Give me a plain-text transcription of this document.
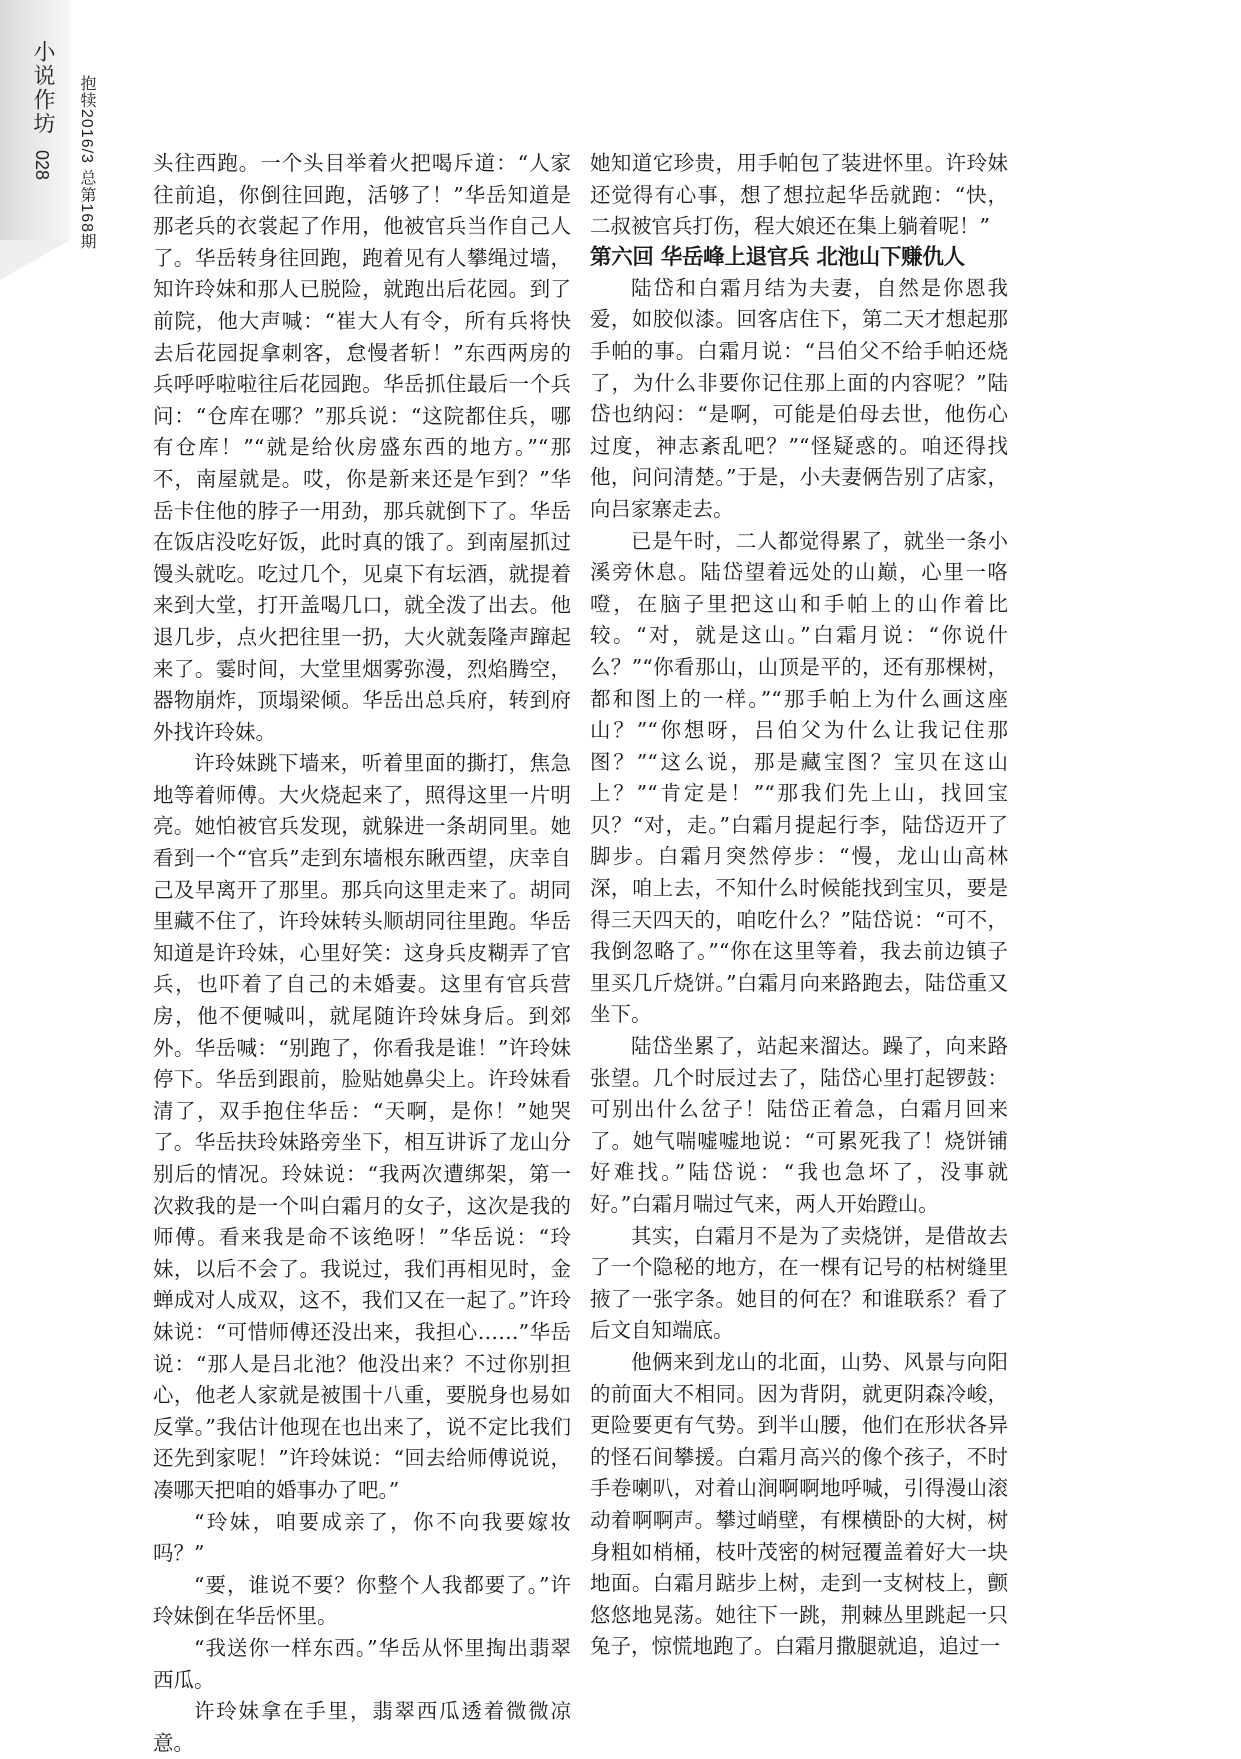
小说作坊
028 抱犊2016/3 总第168期	头往西跑。一个头目举着火把喝斥道：“人家往前追，你倒往回跑，活够了！”华岳知道是那老兵的衣裳起了作用，他被官兵当作自己人了。华岳转身往回跑，跑着见有人攀绳过墙，知许玲妹和那人已脱险，就跑出后花园。到了前院，他大声喊：“崔大人有令，所有兵将快去后花园捉拿刺客，怠慢者斩！”东西两房的兵呼呼啦啦往后花园跑。华岳抓住最后一个兵问：“仓库在哪？”那兵说：“这院都住兵，哪有仓库！”“就是给伙房盛东西的地方。”“那不，南屋就是。哎，你是新来还是乍到？”华岳卡住他的脖子一用劲，那兵就倒下了。华岳在饭店没吃好饭，此时真的饿了。到南屋抓过馒头就吃。吃过几个，见桌下有坛酒，就提着来到大堂，打开盖喝几口，就全泼了出去。他退几步，点火把往里一扔，大火就轰隆声蹿起来了。霎时间，大堂里烟雾弥漫，烈焰腾空，器物崩炸，顶塌梁倾。华岳出总兵府，转到府外找许玲妹。

许玲妹跳下墙来，听着里面的撕打，焦急地等着师傅。大火烧起来了，照得这里一片明亮。她怕被官兵发现，就躲进一条胡同里。她看到一个“官兵”走到东墙根东瞅西望，庆幸自己及早离开了那里。那兵向这里走来了。胡同里藏不住了，许玲妹转头顺胡同往里跑。华岳知道是许玲妹，心里好笑：这身兵皮糊弄了官兵，也吓着了自己的未婚妻。这里有官兵营房，他不便喊叫，就尾随许玲妹身后。到郊外。华岳喊：“别跑了，你看我是谁！”许玲妹停下。华岳到跟前，脸贴她鼻尖上。许玲妹看清了，双手抱住华岳：“天啊，是你！”她哭了。华岳扶玲妹路旁坐下，相互讲诉了龙山分别后的情况。玲妹说：“我两次遭绑架，第一次救我的是一个叫白霜月的女子，这次是我的师傅。看来我是命不该绝呀！”华岳说：“玲妹，以后不会了。我说过，我们再相见时，金蝉成对人成双，这不，我们又在一起了。”许玲妹说：“可惜师傅还没出来，我担心……”华岳说：“那人是吕北池？他没出来？不过你别担心，他老人家就是被围十八重，要脱身也易如反掌。”我估计他现在也出来了，说不定比我们还先到家呢！”许玲妹说：“回去给师傅说说，凑哪天把咱的婚事办了吧。”

“玲妹，咱要成亲了，你不向我要嫁妆吗？”

“要，谁说不要？你整个人我都要了。”许玲妹倒在华岳怀里。

“我送你一样东西。”华岳从怀里掏出翡翠西瓜。

许玲妹拿在手里，翡翠西瓜透着微微凉意。

她知道它珍贵，用手帕包了装进怀里。许玲妹还觉得有心事，想了想拉起华岳就跑：“快，二叔被官兵打伤，程大娘还在集上躺着呢！”

第六回 华岳峰上退官兵 北池山下赚仇人

陆岱和白霜月结为夫妻，自然是你恩我爱，如胶似漆。回客店住下，第二天才想起那手帕的事。白霜月说：“吕伯父不给手帕还烧了，为什么非要你记住那上面的内容呢？”陆岱也纳闷：“是啊，可能是伯母去世，他伤心过度，神志紊乱吧？”“怪疑惑的。咱还得找他，问问清楚。”于是，小夫妻俩告别了店家，向吕家寨走去。

已是午时，二人都觉得累了，就坐一条小溪旁休息。陆岱望着远处的山巅，心里一咯噔，在脑子里把这山和手帕上的山作着比较。“对，就是这山。”白霜月说：“你说什么？”“你看那山，山顶是平的，还有那棵树，都和图上的一样。”“那手帕上为什么画这座山？”“你想呀，吕伯父为什么让我记住那图？”“这么说，那是藏宝图？宝贝在这山上？”“肯定是！”“那我们先上山，找回宝贝？“对，走。”白霜月提起行李，陆岱迈开了脚步。白霜月突然停步：“慢，龙山山高林深，咱上去，不知什么时候能找到宝贝，要是得三天四天的，咱吃什么？”陆岱说：“可不，我倒忽略了。”“你在这里等着，我去前边镇子里买几斤烧饼。”白霜月向来路跑去，陆岱重又坐下。

陆岱坐累了，站起来溜达。躁了，向来路张望。几个时辰过去了，陆岱心里打起锣鼓：可别出什么岔子！陆岱正着急，白霜月回来了。她气喘嘘嘘地说：“可累死我了！烧饼铺好难找。”陆岱说：“我也急坏了，没事就好。”白霜月喘过气来，两人开始蹬山。

其实，白霜月不是为了卖烧饼，是借故去了一个隐秘的地方，在一棵有记号的枯树缝里掖了一张字条。她目的何在？和谁联系？看了后文自知端底。

他俩来到龙山的北面，山势、风景与向阳的前面大不相同。因为背阴，就更阴森冷峻，更险要更有气势。到半山腰，他们在形状各异的怪石间攀援。白霜月高兴的像个孩子，不时手卷喇叭，对着山涧啊啊地呼喊，引得漫山滚动着啊啊声。攀过峭壁，有棵横卧的大树，树身粗如梢桶，枝叶茂密的树冠覆盖着好大一块地面。白霜月踮步上树，走到一支树枝上，颤悠悠地晃荡。她往下一跳，荆棘丛里跳起一只兔子，惊慌地跑了。白霜月撒腿就追，追过一
